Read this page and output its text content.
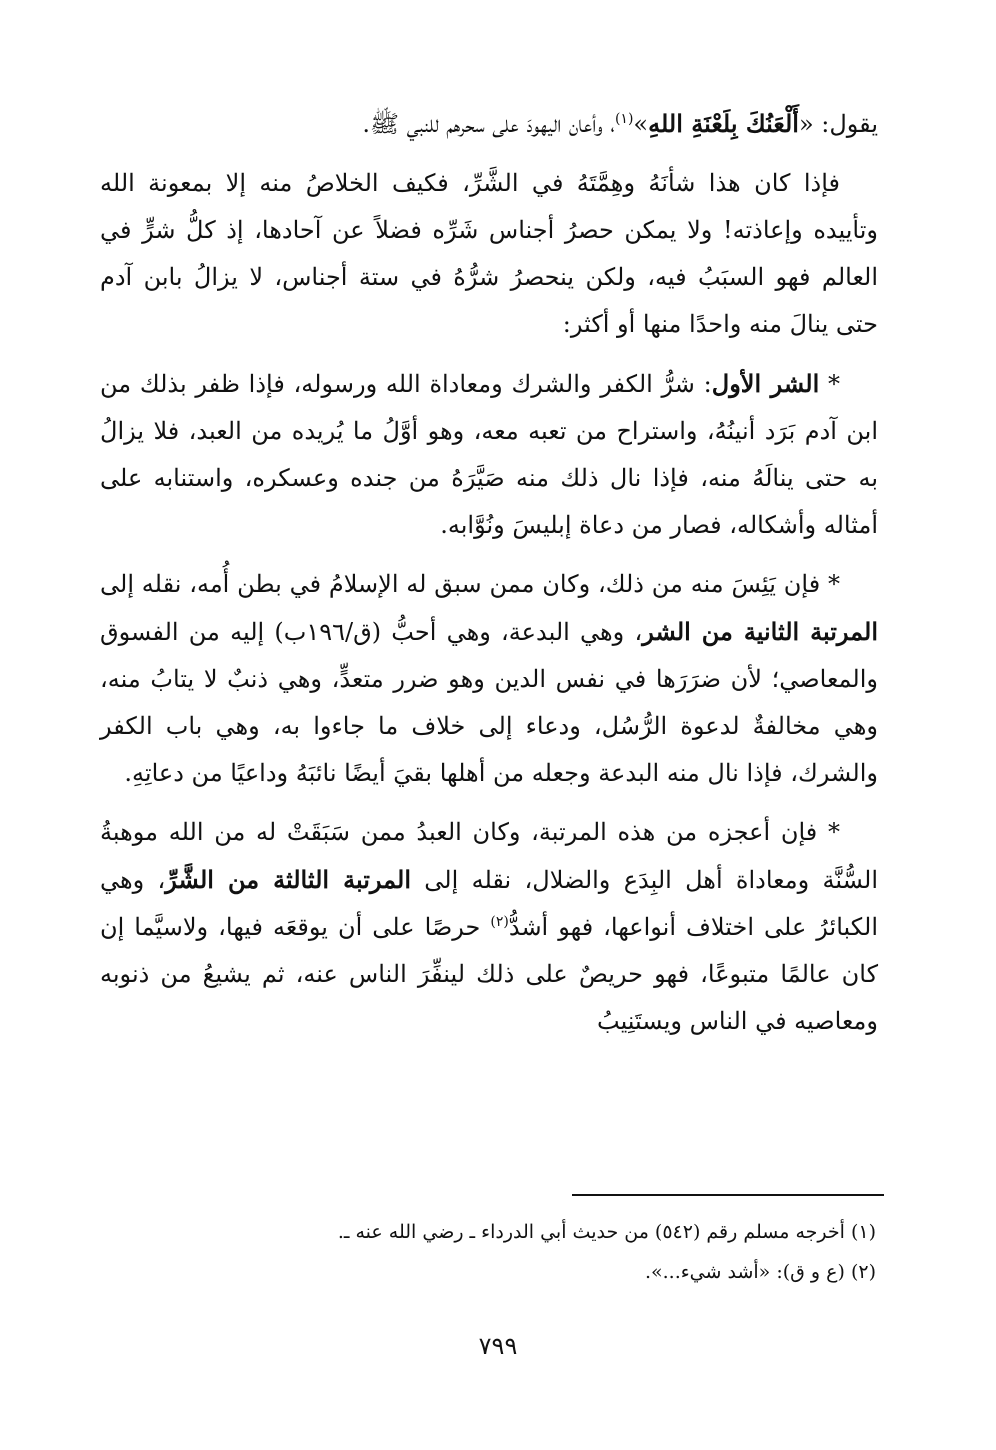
يقول: «أَلْعَنُكَ بِلَعْنَةِ اللهِ»$^{(١)}$، وأعان اليهودَ على سحرهم للنبي ﷺ.

فإذا كان هذا شأنَهُ وهِمَّتَهُ في الشَّرِّ، فكيف الخلاصُ منه إلا بمعونة الله وتأييده وإعاذته! ولا يمكن حصرُ أجناس شَرِّه فضلاً عن آحادها، إذ كلُّ شرٍّ في العالم فهو السبَبُ فيه، ولكن ينحصرُ شرُّهُ في ستة أجناس، لا يزالُ بابن آدم حتى ينالَ منه واحدًا منها أو أكثر:

* الشر الأول: شرُّ الكفر والشرك ومعاداة الله ورسوله، فإذا ظفر بذلك من ابن آدم بَرَد أنينُهُ، واستراح من تعبه معه، وهو أوَّلُ ما يُريده من العبد، فلا يزالُ به حتى ينالَهُ منه، فإذا نال ذلك منه صَيَّرَهُ من جنده وعسكره، واستنابه على أمثاله وأشكاله، فصار من دعاة إبليسَ ونُوَّابه.

* فإن يَئِسَ منه من ذلك، وكان ممن سبق له الإسلامُ في بطن أُمه، نقله إلى المرتبة الثانية من الشر، وهي البدعة، وهي أحبُّ (ق/١٩٦ب) إليه من الفسوق والمعاصي؛ لأن ضرَرَها في نفس الدين وهو ضرر متعدٍّ، وهي ذنبٌ لا يتابُ منه، وهي مخالفةٌ لدعوة الرُّسُل، ودعاء إلى خلاف ما جاءوا به، وهي باب الكفر والشرك، فإذا نال منه البدعة وجعله من أهلها بقيَ أيضًا نائبَهُ وداعيًا من دعاتِهِ.

* فإن أعجزه من هذه المرتبة، وكان العبدُ ممن سَبَقَتْ له من الله موهبةُ السُّنَّة ومعاداة أهل البِدَع والضلال، نقله إلى المرتبة الثالثة من الشَّرِّ، وهي الكبائرُ على اختلاف أنواعها، فهو أشدُّ$^{(٢)}$ حرصًا على أن يوقعَه فيها، ولاسيَّما إن كان عالمًا متبوعًا، فهو حريصٌ على ذلك لينفِّرَ الناس عنه، ثم يشيعُ من ذنوبه ومعاصيه في الناس ويستَنِيبُ

(١) أخرجه مسلم رقم (٥٤٢) من حديث أبي الدرداء ـ رضي الله عنه ـ.

(٢) (ع و ق): «أشد شيء...».

٧٩٩
